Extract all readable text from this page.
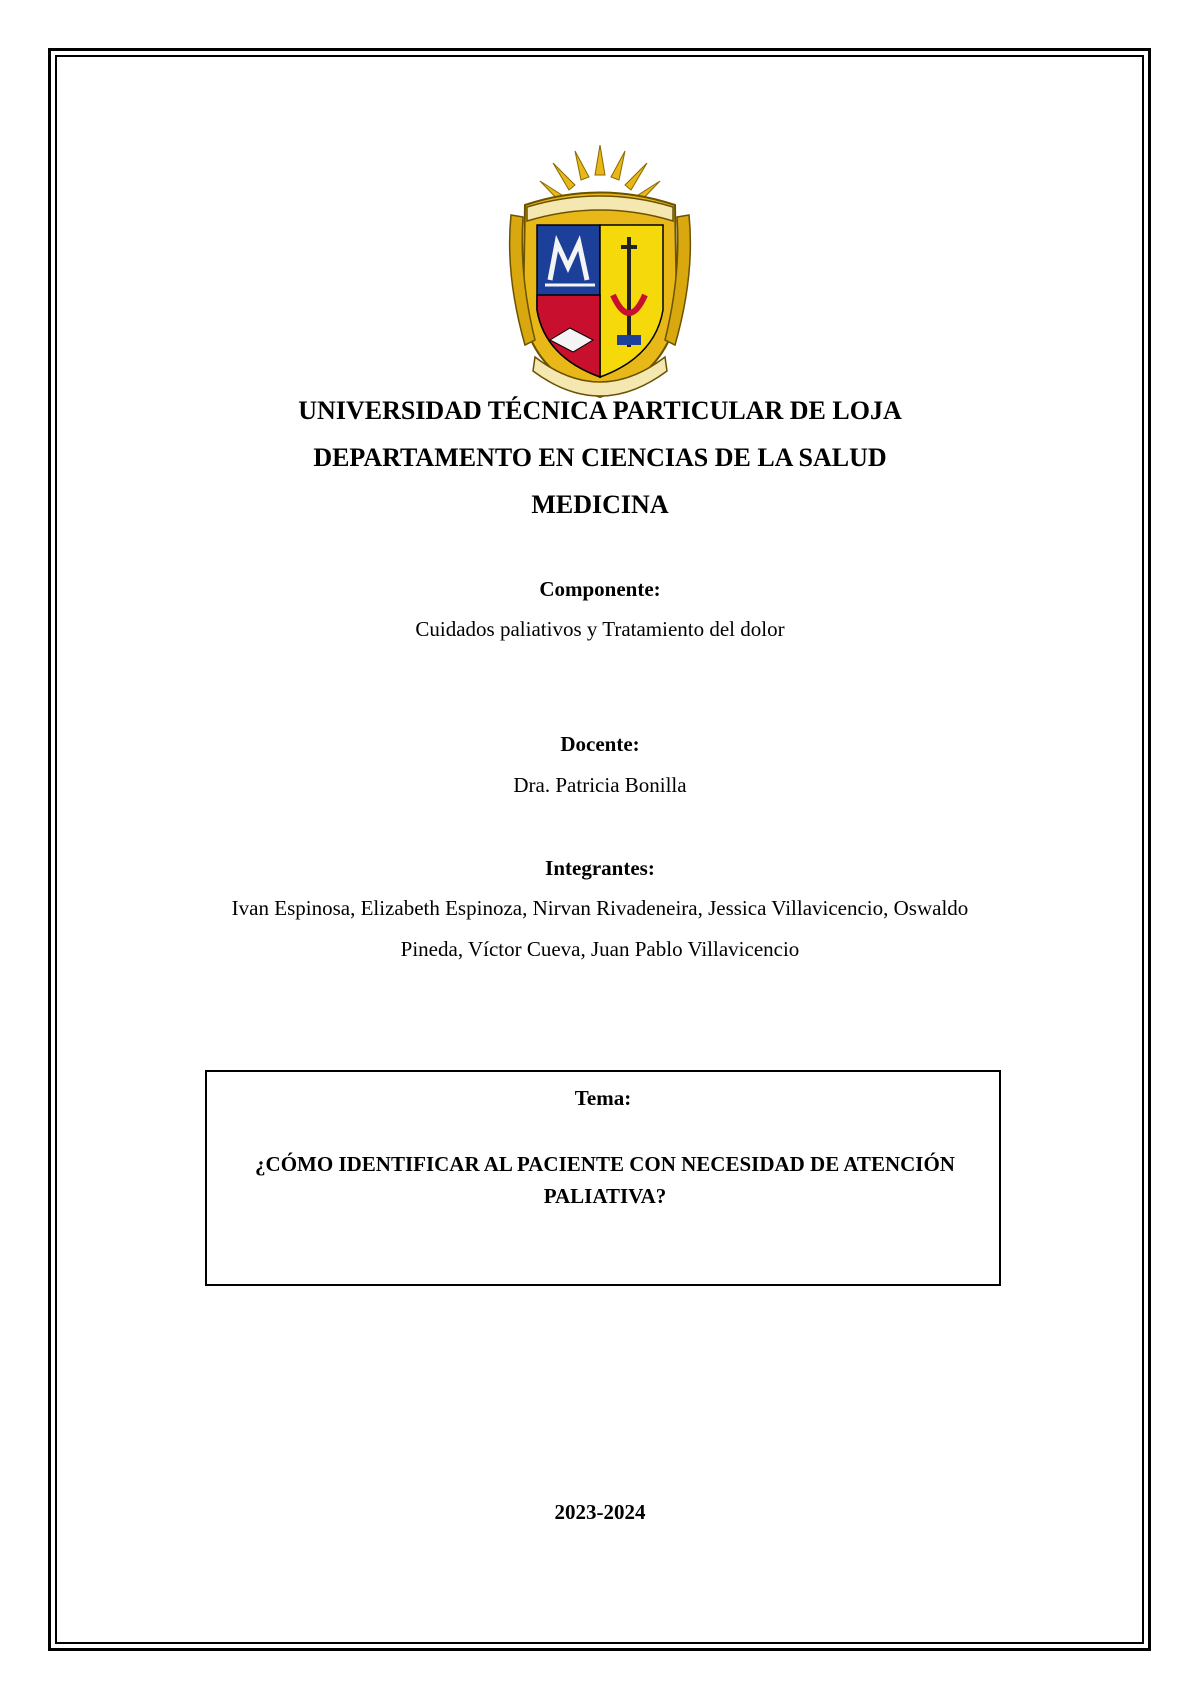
UNIVERSIDAD TÉCNICA PARTICULAR DE LOJA
DEPARTAMENTO EN CIENCIAS DE LA SALUD
MEDICINA
Componente:
Cuidados paliativos y Tratamiento del dolor
Docente:
Dra. Patricia Bonilla
Integrantes:
Ivan Espinosa, Elizabeth Espinoza, Nirvan Rivadeneira, Jessica Villavicencio, Oswaldo
Pineda, Víctor Cueva, Juan Pablo Villavicencio
Tema:
¿CÓMO IDENTIFICAR AL PACIENTE CON NECESIDAD DE ATENCIÓN PALIATIVA?
2023-2024
